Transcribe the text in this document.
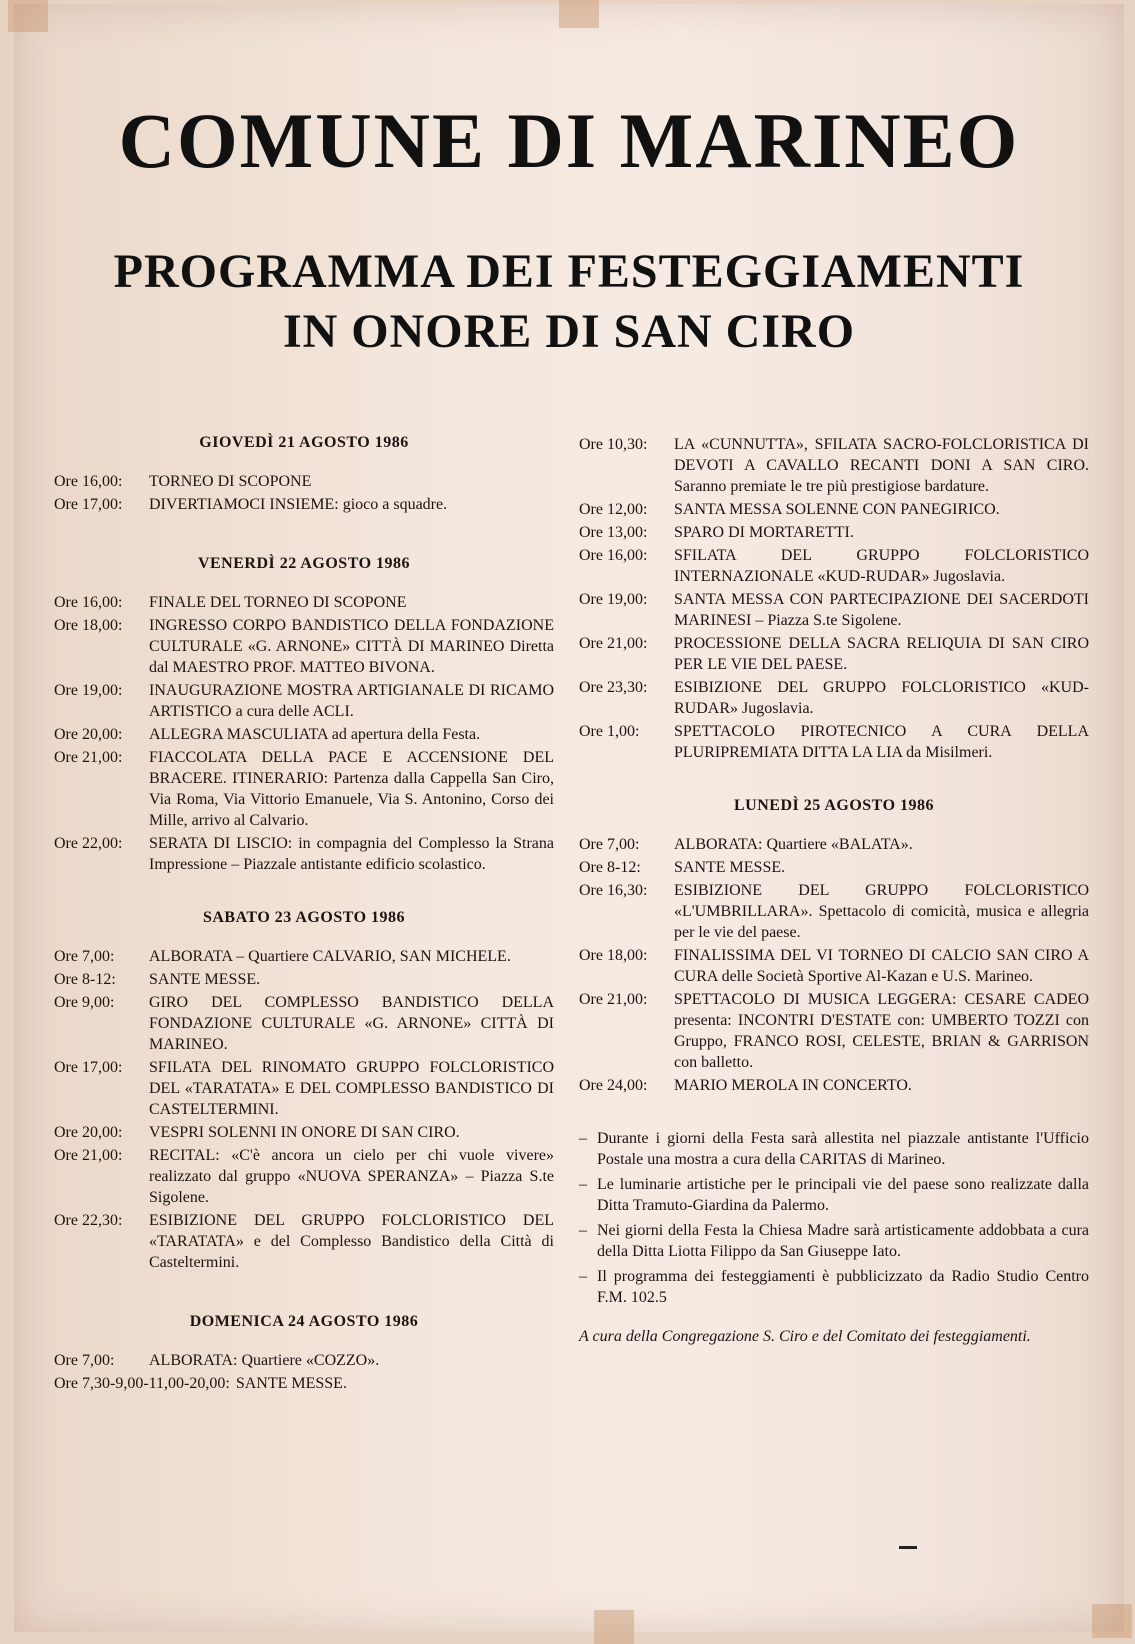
COMUNE DI MARINEO
PROGRAMMA DEI FESTEGGIAMENTI
IN ONORE DI SAN CIRO
GIOVEDÌ 21 AGOSTO 1986
Ore 16,00:	TORNEO DI SCOPONE
Ore 17,00:	DIVERTIAMOCI INSIEME: gioco a squadre.
VENERDÌ 22 AGOSTO 1986
Ore 16,00:	FINALE DEL TORNEO DI SCOPONE
Ore 18,00:	INGRESSO CORPO BANDISTICO DELLA FONDAZIONE CULTURALE «G. ARNONE» CITTÀ DI MARINEO Diretta dal MAESTRO PROF. MATTEO BIVONA.
Ore 19,00:	INAUGURAZIONE MOSTRA ARTIGIANALE DI RICAMO ARTISTICO a cura delle ACLI.
Ore 20,00:	ALLEGRA MASCULIATA ad apertura della Festa.
Ore 21,00:	FIACCOLATA DELLA PACE E ACCENSIONE DEL BRACERE. ITINERARIO: Partenza dalla Cappella San Ciro, Via Roma, Via Vittorio Emanuele, Via S. Antonino, Corso dei Mille, arrivo al Calvario.
Ore 22,00:	SERATA DI LISCIO: in compagnia del Complesso la Strana Impressione – Piazzale antistante edificio scolastico.
SABATO 23 AGOSTO 1986
Ore 7,00:	ALBORATA – Quartiere CALVARIO, SAN MICHELE.
Ore 8-12:	SANTE MESSE.
Ore 9,00:	GIRO DEL COMPLESSO BANDISTICO DELLA FONDAZIONE CULTURALE «G. ARNONE» CITTÀ DI MARINEO.
Ore 17,00:	SFILATA DEL RINOMATO GRUPPO FOLCLORISTICO DEL «TARATATA» E DEL COMPLESSO BANDISTICO DI CASTELTERMINI.
Ore 20,00:	VESPRI SOLENNI IN ONORE DI SAN CIRO.
Ore 21,00:	RECITAL: «C'è ancora un cielo per chi vuole vivere» realizzato dal gruppo «NUOVA SPERANZA» – Piazza S.te Sigolene.
Ore 22,30:	ESIBIZIONE DEL GRUPPO FOLCLORISTICO DEL «TARATATA» e del Complesso Bandistico della Città di Casteltermini.
DOMENICA 24 AGOSTO 1986
Ore 7,00:	ALBORATA: Quartiere «COZZO».
Ore 7,30-9,00-11,00-20,00: SANTE MESSE.
Ore 10,30:	LA «CUNNUTTA», SFILATA SACRO-FOLCLORISTICA DI DEVOTI A CAVALLO RECANTI DONI A SAN CIRO. Saranno premiate le tre più prestigiose bardature.
Ore 12,00:	SANTA MESSA SOLENNE CON PANEGIRICO.
Ore 13,00:	SPARO DI MORTARETTI.
Ore 16,00:	SFILATA DEL GRUPPO FOLCLORISTICO INTERNAZIONALE «KUD-RUDAR» Jugoslavia.
Ore 19,00:	SANTA MESSA CON PARTECIPAZIONE DEI SACERDOTI MARINESI – Piazza S.te Sigolene.
Ore 21,00:	PROCESSIONE DELLA SACRA RELIQUIA DI SAN CIRO PER LE VIE DEL PAESE.
Ore 23,30:	ESIBIZIONE DEL GRUPPO FOLCLORISTICO «KUD-RUDAR» Jugoslavia.
Ore 1,00:	SPETTACOLO PIROTECNICO A CURA DELLA PLURIPREMIATA DITTA LA LIA da Misilmeri.
LUNEDÌ 25 AGOSTO 1986
Ore 7,00:	ALBORATA: Quartiere «BALATA».
Ore 8-12:	SANTE MESSE.
Ore 16,30:	ESIBIZIONE DEL GRUPPO FOLCLORISTICO «L'UMBRILLARA». Spettacolo di comicità, musica e allegria per le vie del paese.
Ore 18,00:	FINALISSIMA DEL VI TORNEO DI CALCIO SAN CIRO A CURA delle Società Sportive Al-Kazan e U.S. Marineo.
Ore 21,00:	SPETTACOLO DI MUSICA LEGGERA: CESARE CADEO presenta: INCONTRI D'ESTATE con: UMBERTO TOZZI con Gruppo, FRANCO ROSI, CELESTE, BRIAN & GARRISON con balletto.
Ore 24,00:	MARIO MEROLA IN CONCERTO.
– Durante i giorni della Festa sarà allestita nel piazzale antistante l'Ufficio Postale una mostra a cura della CARITAS di Marineo.
– Le luminarie artistiche per le principali vie del paese sono realizzate dalla Ditta Tramuto-Giardina da Palermo.
– Nei giorni della Festa la Chiesa Madre sarà artisticamente addobbata a cura della Ditta Liotta Filippo da San Giuseppe Iato.
– Il programma dei festeggiamenti è pubblicizzato da Radio Studio Centro F.M. 102.5
A cura della Congregazione S. Ciro e del Comitato dei festeggiamenti.
